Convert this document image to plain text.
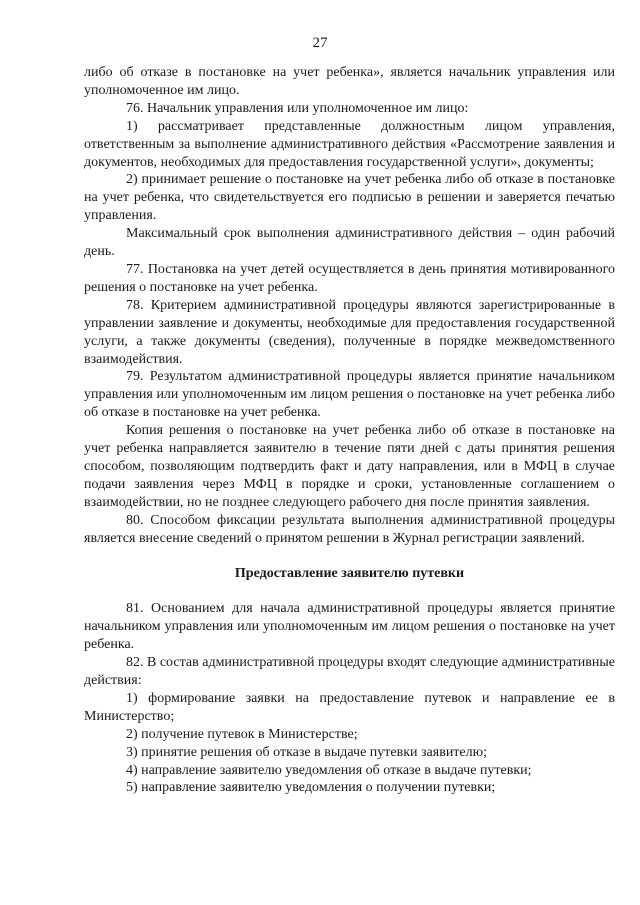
27

либо об отказе в постановке на учет ребенка», является начальник управления или уполномоченное им лицо.

76. Начальник управления или уполномоченное им лицо:

1) рассматривает представленные должностным лицом управления, ответственным за выполнение административного действия «Рассмотрение заявления и документов, необходимых для предоставления государственной услуги», документы;

2) принимает решение о постановке на учет ребенка либо об отказе в постановке на учет ребенка, что свидетельствуется его подписью в решении и заверяется печатью управления.

Максимальный срок выполнения административного действия – один рабочий день.

77. Постановка на учет детей осуществляется в день принятия мотивированного решения о постановке на учет ребенка.

78. Критерием административной процедуры являются зарегистрированные в управлении заявление и документы, необходимые для предоставления государственной услуги, а также документы (сведения), полученные в порядке межведомственного взаимодействия.

79. Результатом административной процедуры является принятие начальником управления или уполномоченным им лицом решения о постановке на учет ребенка либо об отказе в постановке на учет ребенка.

Копия решения о постановке на учет ребенка либо об отказе в постановке на учет ребенка направляется заявителю в течение пяти дней с даты принятия решения способом, позволяющим подтвердить факт и дату направления, или в МФЦ в случае подачи заявления через МФЦ в порядке и сроки, установленные соглашением о взаимодействии, но не позднее следующего рабочего дня после принятия заявления.

80. Способом фиксации результата выполнения административной процедуры является внесение сведений о принятом решении в Журнал регистрации заявлений.

Предоставление заявителю путевки

81. Основанием для начала административной процедуры является принятие начальником управления или уполномоченным им лицом решения о постановке на учет ребенка.

82. В состав административной процедуры входят следующие административные действия:

1) формирование заявки на предоставление путевок и направление ее в Министерство;

2) получение путевок в Министерстве;

3) принятие решения об отказе в выдаче путевки заявителю;

4) направление заявителю уведомления об отказе в выдаче путевки;

5) направление заявителю уведомления о получении путевки;
